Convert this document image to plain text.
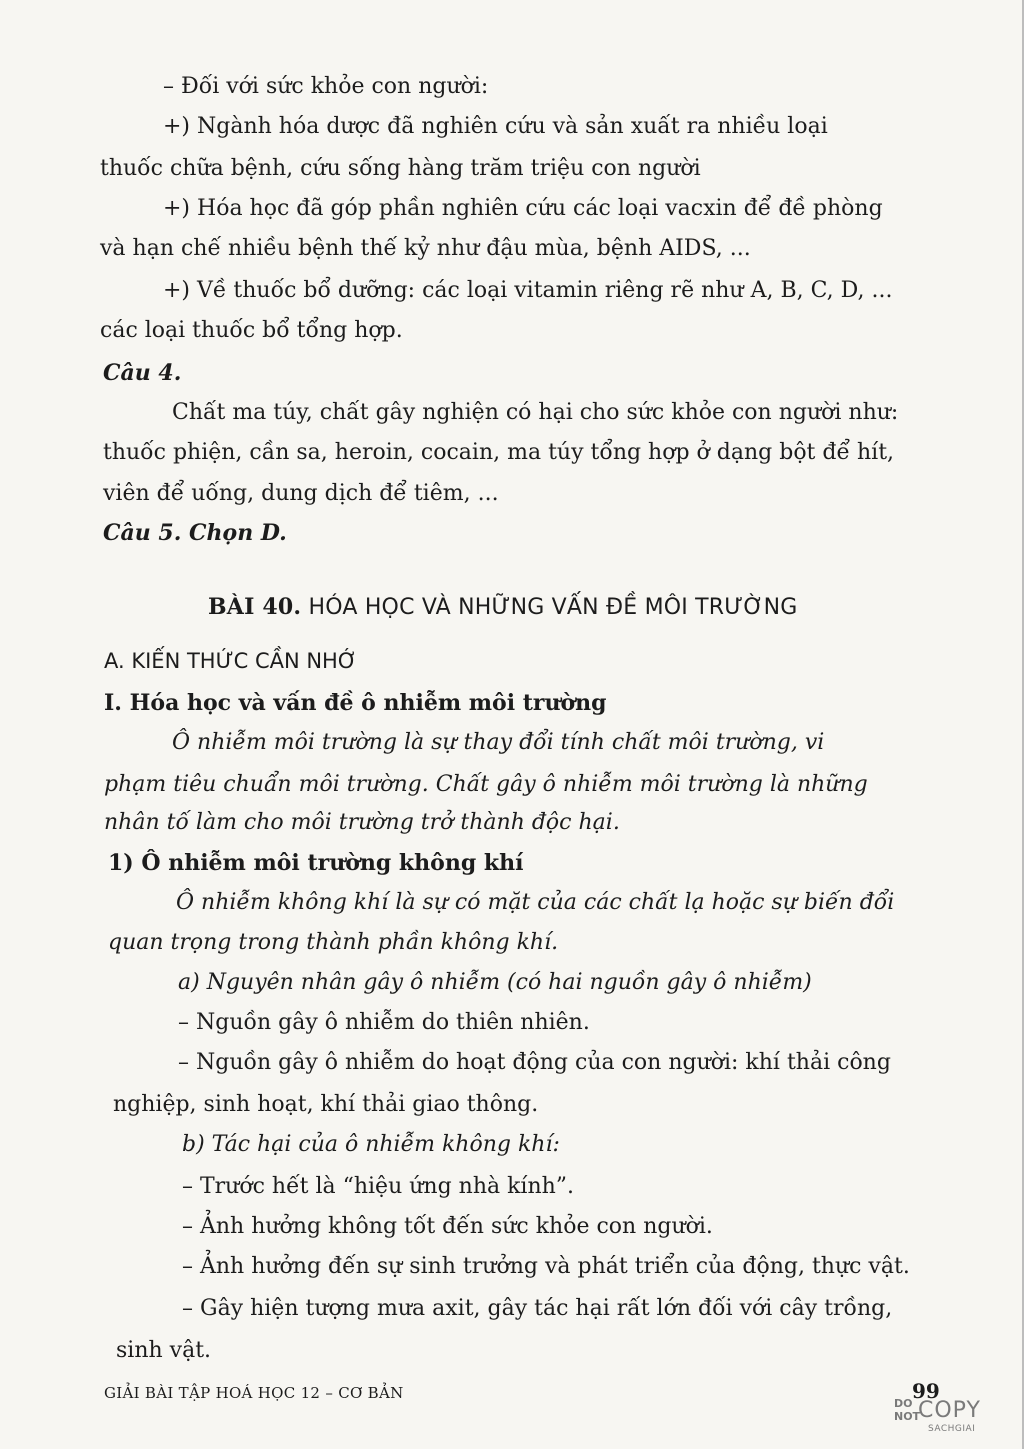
– Đối với sức khỏe con người:

+) Ngành hóa dược đã nghiên cứu và sản xuất ra nhiều loại

thuốc chữa bệnh, cứu sống hàng trăm triệu con người

+) Hóa học đã góp phần nghiên cứu các loại vacxin để đề phòng

và hạn chế nhiều bệnh thế kỷ như đậu mùa, bệnh AIDS, ...

+) Về thuốc bổ dưỡng: các loại vitamin riêng rẽ như A, B, C, D, ...

các loại thuốc bổ tổng hợp.

Câu 4.

Chất ma túy, chất gây nghiện có hại cho sức khỏe con người như:

thuốc phiện, cần sa, heroin, cocain, ma túy tổng hợp ở dạng bột để hít,

viên để uống, dung dịch để tiêm, ...

Câu 5. Chọn D.

BÀI 40. HÓA HỌC VÀ NHỮNG VẤN ĐỀ MÔI TRƯỜNG

A. KIẾN THỨC CẦN NHỚ

I. Hóa học và vấn đề ô nhiễm môi trường

Ô nhiễm môi trường là sự thay đổi tính chất môi trường, vi

phạm tiêu chuẩn môi trường. Chất gây ô nhiễm môi trường là những

nhân tố làm cho môi trường trở thành độc hại.

1) Ô nhiễm môi trường không khí

Ô nhiễm không khí là sự có mặt của các chất lạ hoặc sự biến đổi

quan trọng trong thành phần không khí.

a) Nguyên nhân gây ô nhiễm (có hai nguồn gây ô nhiễm)

– Nguồn gây ô nhiễm do thiên nhiên.

– Nguồn gây ô nhiễm do hoạt động của con người: khí thải công

nghiệp, sinh hoạt, khí thải giao thông.

b) Tác hại của ô nhiễm không khí:

– Trước hết là “hiệu ứng nhà kính”.

– Ảnh hưởng không tốt đến sức khỏe con người.

– Ảnh hưởng đến sự sinh trưởng và phát triển của động, thực vật.

– Gây hiện tượng mưa axit, gây tác hại rất lớn đối với cây trồng,

sinh vật.

GIẢI BÀI TẬP HOÁ HỌC 12 – CƠ BẢN	99

DO
NOT
COPY
SACHGIAI
